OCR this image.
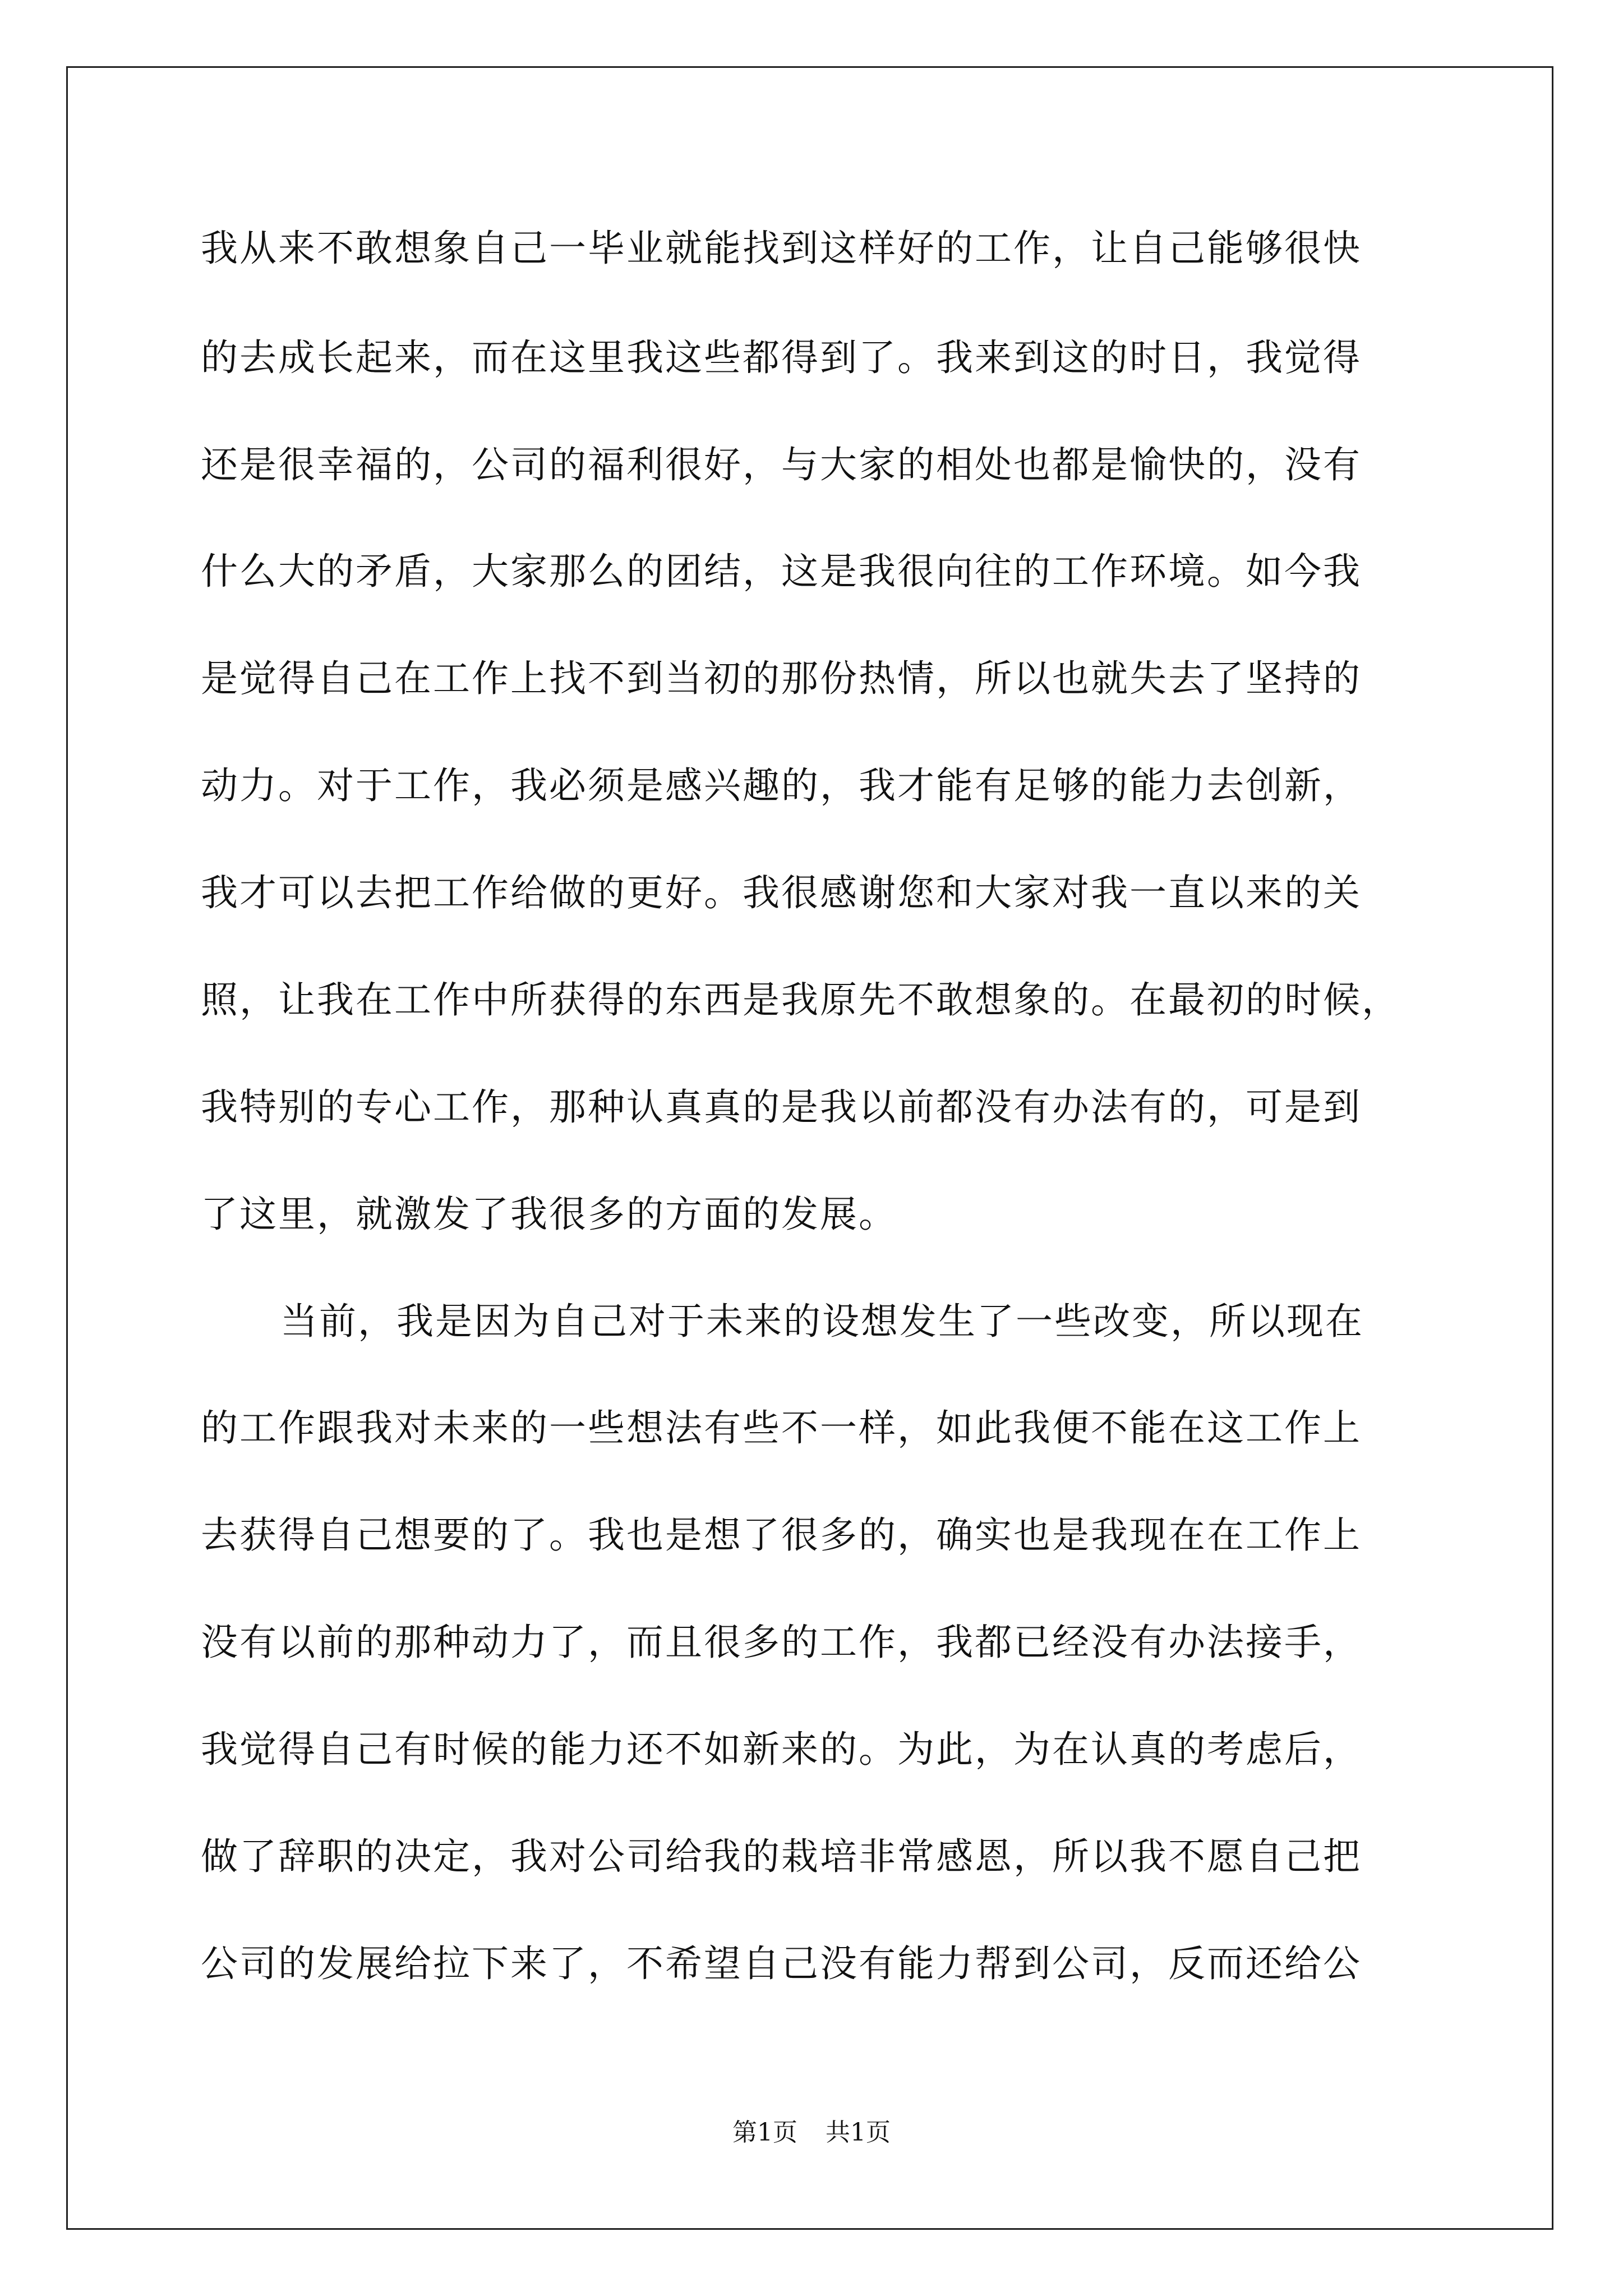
我从来不敢想象自己一毕业就能找到这样好的工作，让自己能够很快
的去成长起来，而在这里我这些都得到了。我来到这的时日，我觉得
还是很幸福的，公司的福利很好，与大家的相处也都是愉快的，没有
什么大的矛盾，大家那么的团结，这是我很向往的工作环境。如今我
是觉得自己在工作上找不到当初的那份热情，所以也就失去了坚持的
动力。对于工作，我必须是感兴趣的，我才能有足够的能力去创新，
我才可以去把工作给做的更好。我很感谢您和大家对我一直以来的关
照，让我在工作中所获得的东西是我原先不敢想象的。在最初的时候，
我特别的专心工作，那种认真真的是我以前都没有办法有的，可是到
了这里，就激发了我很多的方面的发展。
当前，我是因为自己对于未来的设想发生了一些改变，所以现在
的工作跟我对未来的一些想法有些不一样，如此我便不能在这工作上
去获得自己想要的了。我也是想了很多的，确实也是我现在在工作上
没有以前的那种动力了，而且很多的工作，我都已经没有办法接手，
我觉得自己有时候的能力还不如新来的。为此，为在认真的考虑后，
做了辞职的决定，我对公司给我的栽培非常感恩，所以我不愿自己把
公司的发展给拉下来了，不希望自己没有能力帮到公司，反而还给公
第1页 共1页
